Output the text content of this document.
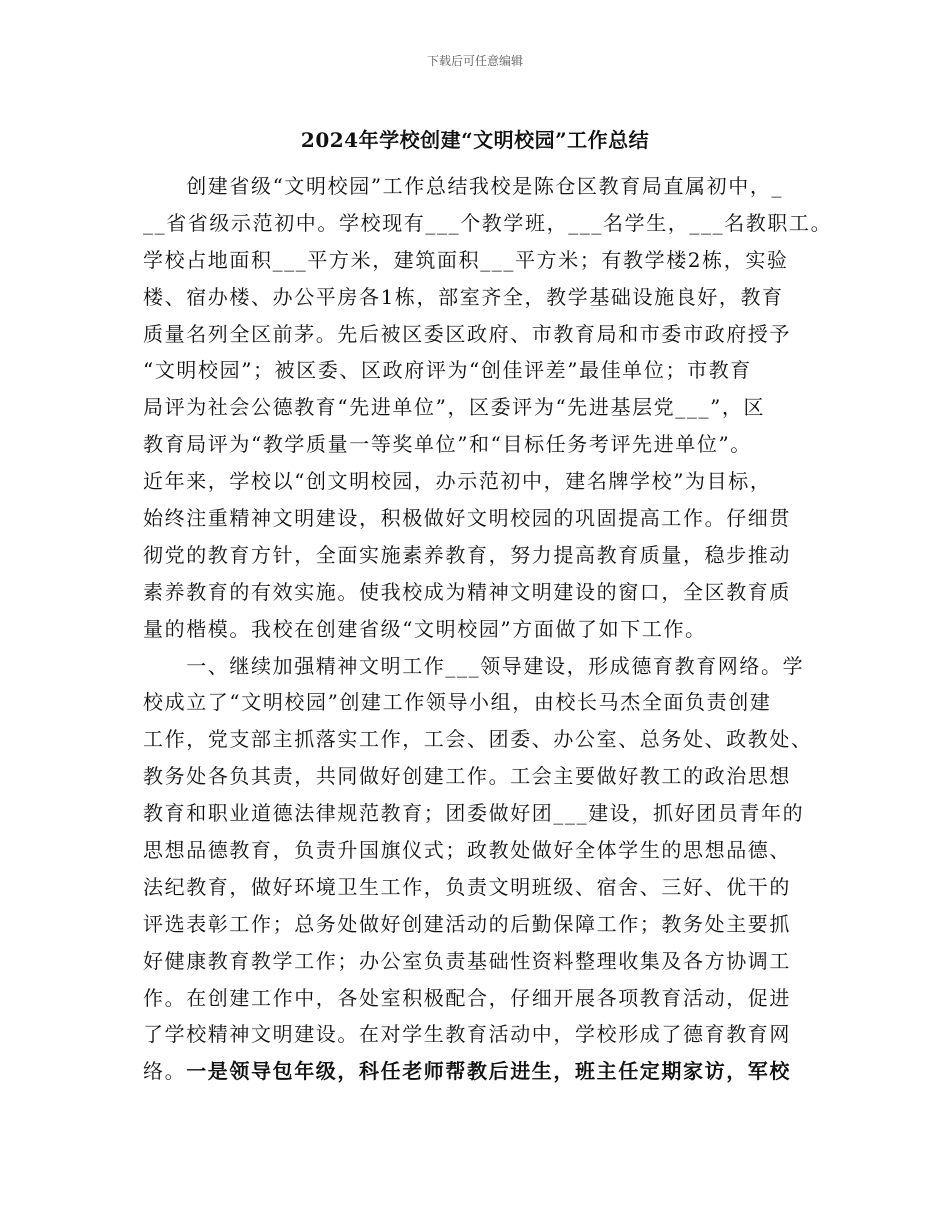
下载后可任意编辑
2024年学校创建“文明校园”工作总结
　　创建省级“文明校园”工作总结我校是陈仓区教育局直属初中，_
__省省级示范初中。学校现有___个教学班，___名学生，___名教职工。
学校占地面积___平方米，建筑面积___平方米；有教学楼2栋，实验
楼、宿办楼、办公平房各1栋，部室齐全，教学基础设施良好，教育
质量名列全区前茅。先后被区委区政府、市教育局和市委市政府授予
“文明校园”；被区委、区政府评为“创佳评差”最佳单位；市教育
局评为社会公德教育“先进单位”，区委评为“先进基层党___”，区
教育局评为“教学质量一等奖单位”和“目标任务考评先进单位”。
近年来，学校以“创文明校园，办示范初中，建名牌学校”为目标，
始终注重精神文明建设，积极做好文明校园的巩固提高工作。仔细贯
彻党的教育方针，全面实施素养教育，努力提高教育质量，稳步推动
素养教育的有效实施。使我校成为精神文明建设的窗口，全区教育质
量的楷模。我校在创建省级“文明校园”方面做了如下工作。
　　一、继续加强精神文明工作___领导建设，形成德育教育网络。学
校成立了“文明校园”创建工作领导小组，由校长马杰全面负责创建
工作，党支部主抓落实工作，工会、团委、办公室、总务处、政教处、
教务处各负其责，共同做好创建工作。工会主要做好教工的政治思想
教育和职业道德法律规范教育；团委做好团___建设，抓好团员青年的
思想品德教育，负责升国旗仪式；政教处做好全体学生的思想品德、
法纪教育，做好环境卫生工作，负责文明班级、宿舍、三好、优干的
评选表彰工作；总务处做好创建活动的后勤保障工作；教务处主要抓
好健康教育教学工作；办公室负责基础性资料整理收集及各方协调工
作。在创建工作中，各处室积极配合，仔细开展各项教育活动，促进
了学校精神文明建设。在对学生教育活动中，学校形成了德育教育网
络。一是领导包年级，科任老师帮教后进生，班主任定期家访，军校
